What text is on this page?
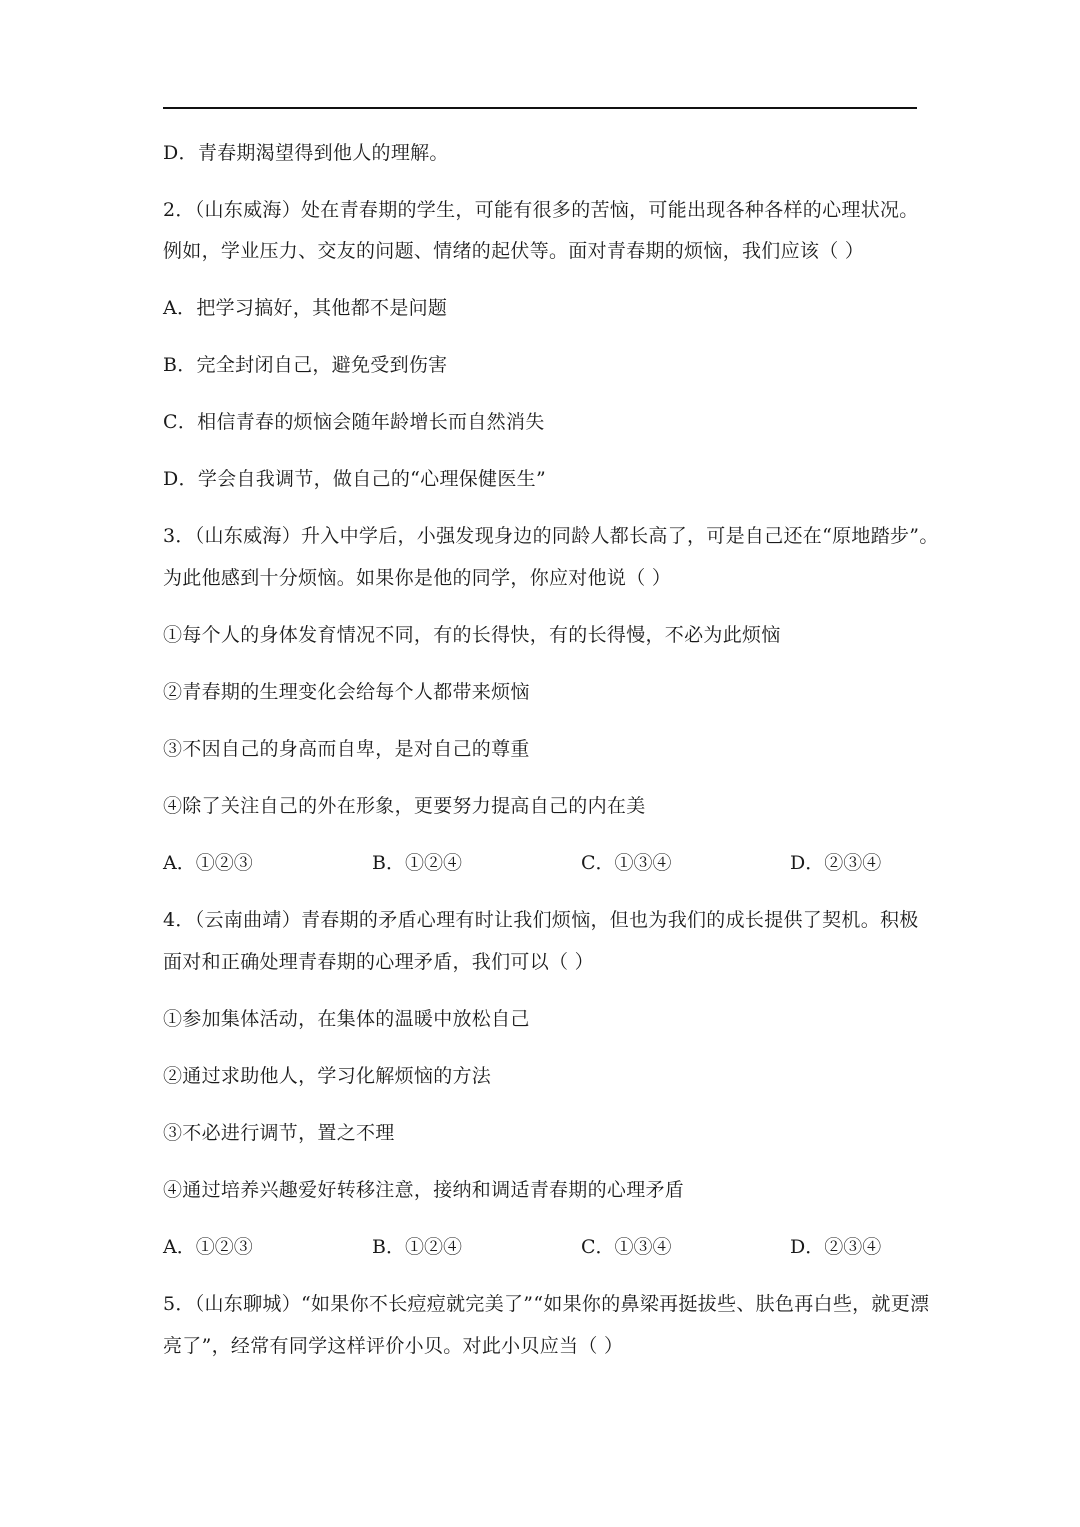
D．青春期渴望得到他人的理解。
2．（山东威海）处在青春期的学生，可能有很多的苦恼，可能出现各种各样的心理状况。
例如，学业压力、交友的问题、情绪的起伏等。面对青春期的烦恼，我们应该（ ）
A．把学习搞好，其他都不是问题
B．完全封闭自己，避免受到伤害
C．相信青春的烦恼会随年龄增长而自然消失
D．学会自我调节，做自己的“心理保健医生”
3．（山东威海）升入中学后，小强发现身边的同龄人都长高了，可是自己还在“原地踏步”。
为此他感到十分烦恼。如果你是他的同学，你应对他说（ ）
①每个人的身体发育情况不同，有的长得快，有的长得慢，不必为此烦恼
②青春期的生理变化会给每个人都带来烦恼
③不因自己的身高而自卑，是对自己的尊重
④除了关注自己的外在形象，更要努力提高自己的内在美
A．①②③	B．①②④	C．①③④	D．②③④
4．（云南曲靖）青春期的矛盾心理有时让我们烦恼，但也为我们的成长提供了契机。积极
面对和正确处理青春期的心理矛盾，我们可以（ ）
①参加集体活动，在集体的温暖中放松自己
②通过求助他人，学习化解烦恼的方法
③不必进行调节，置之不理
④通过培养兴趣爱好转移注意，接纳和调适青春期的心理矛盾
A．①②③	B．①②④	C．①③④	D．②③④
5．（山东聊城）“如果你不长痘痘就完美了”“如果你的鼻梁再挺拔些、肤色再白些，就更漂
亮了”，经常有同学这样评价小贝。对此小贝应当（ ）
